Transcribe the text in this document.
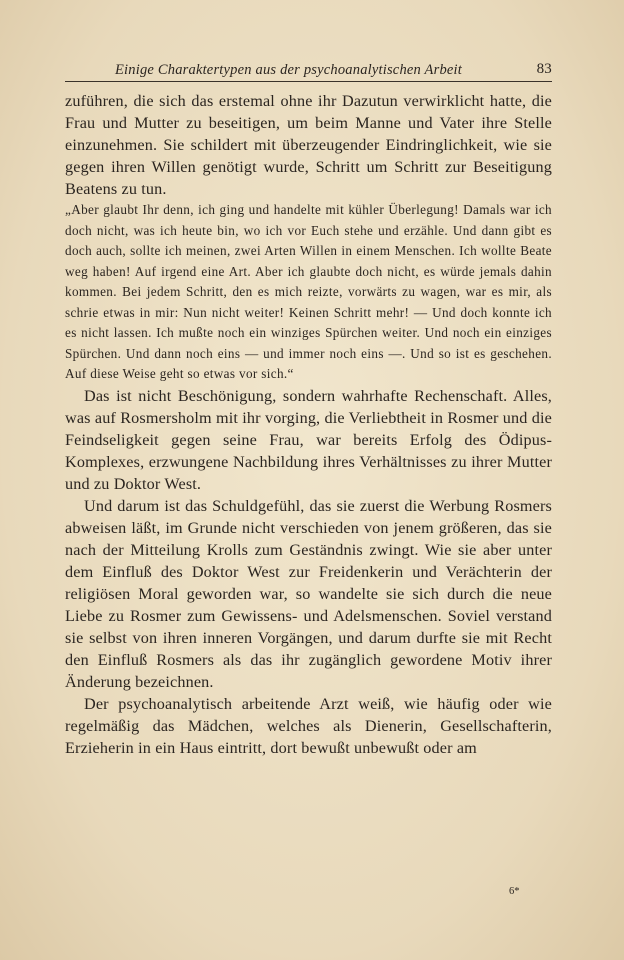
Einige Charaktertypen aus der psychoanalytischen Arbeit	83

zuführen, die sich das erstemal ohne ihr Dazutun verwirklicht hatte, die Frau und Mutter zu beseitigen, um beim Manne und Vater ihre Stelle einzunehmen. Sie schildert mit überzeugender Eindringlichkeit, wie sie gegen ihren Willen genötigt wurde, Schritt um Schritt zur Beseitigung Beatens zu tun.

„Aber glaubt Ihr denn, ich ging und handelte mit kühler Überlegung! Damals war ich doch nicht, was ich heute bin, wo ich vor Euch stehe und erzähle. Und dann gibt es doch auch, sollte ich meinen, zwei Arten Willen in einem Menschen. Ich wollte Beate weg haben! Auf irgend eine Art. Aber ich glaubte doch nicht, es würde jemals dahin kommen. Bei jedem Schritt, den es mich reizte, vorwärts zu wagen, war es mir, als schrie etwas in mir: Nun nicht weiter! Keinen Schritt mehr! — Und doch konnte ich es nicht lassen. Ich mußte noch ein winziges Spürchen weiter. Und noch ein einziges Spürchen. Und dann noch eins — und immer noch eins —. Und so ist es geschehen. Auf diese Weise geht so etwas vor sich.“

Das ist nicht Beschönigung, sondern wahrhafte Rechenschaft. Alles, was auf Rosmersholm mit ihr vorging, die Verliebtheit in Rosmer und die Feindseligkeit gegen seine Frau, war bereits Erfolg des Ödipus-Komplexes, erzwungene Nachbildung ihres Verhältnisses zu ihrer Mutter und zu Doktor West.

Und darum ist das Schuldgefühl, das sie zuerst die Werbung Rosmers abweisen läßt, im Grunde nicht verschieden von jenem größeren, das sie nach der Mitteilung Krolls zum Geständnis zwingt. Wie sie aber unter dem Einfluß des Doktor West zur Freidenkerin und Verächterin der religiösen Moral geworden war, so wandelte sie sich durch die neue Liebe zu Rosmer zum Gewissens- und Adelsmenschen. Soviel verstand sie selbst von ihren inneren Vorgängen, und darum durfte sie mit Recht den Einfluß Rosmers als das ihr zugänglich gewordene Motiv ihrer Änderung bezeichnen.

Der psychoanalytisch arbeitende Arzt weiß, wie häufig oder wie regelmäßig das Mädchen, welches als Dienerin, Gesellschafterin, Erzieherin in ein Haus eintritt, dort bewußt unbewußt oder am

6*
